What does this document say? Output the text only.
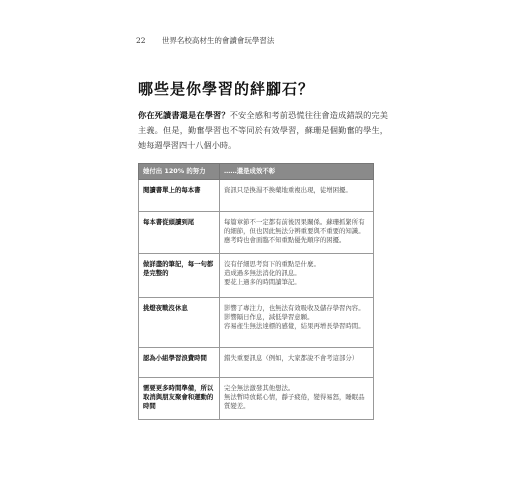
22 世界名校高材生的會讀會玩學習法
哪些是你學習的絆腳石？
你在死讀書還是在學習？不安全感和考前恐慌往往會造成錯誤的完美主義。但是，勤奮學習也不等同於有效學習，蘇珊是個勤奮的學生，她每週學習四十八個小時。
她付出 120% 的努力	……還是成效不彰
閱讀書單上的每本書	資訊只是換湯不換藥地重複出現，徒增困擾。
每本書從頭讀到尾	每篇章節不一定都有前後因果關係。蘇珊抓緊所有的細節，但也因此無法分辨重要與不重要的知識。應考時也會面臨不知重點優先順序的困擾。
做詳盡的筆記，每一句都是完整的	沒有仔細思考寫下的重點是什麼。
造成過多無法消化的訊息。
要花上過多的時間讀筆記。
挑燈夜戰沒休息	影響了專注力，也無法有效吸收及儲存學習內容。
影響隔日作息，減低學習意願。
容易產生無法達標的感覺，結果再增長學習時間。
認為小組學習浪費時間	錯失重要訊息（例如，大家都說不會考這部分）
需要更多時間準備，所以取消與朋友聚會和運動的時間	完全無法激發其他想法。
無法暫時放鬆心情，靜子疲倦，變得易怒，睡眠品質變差。
